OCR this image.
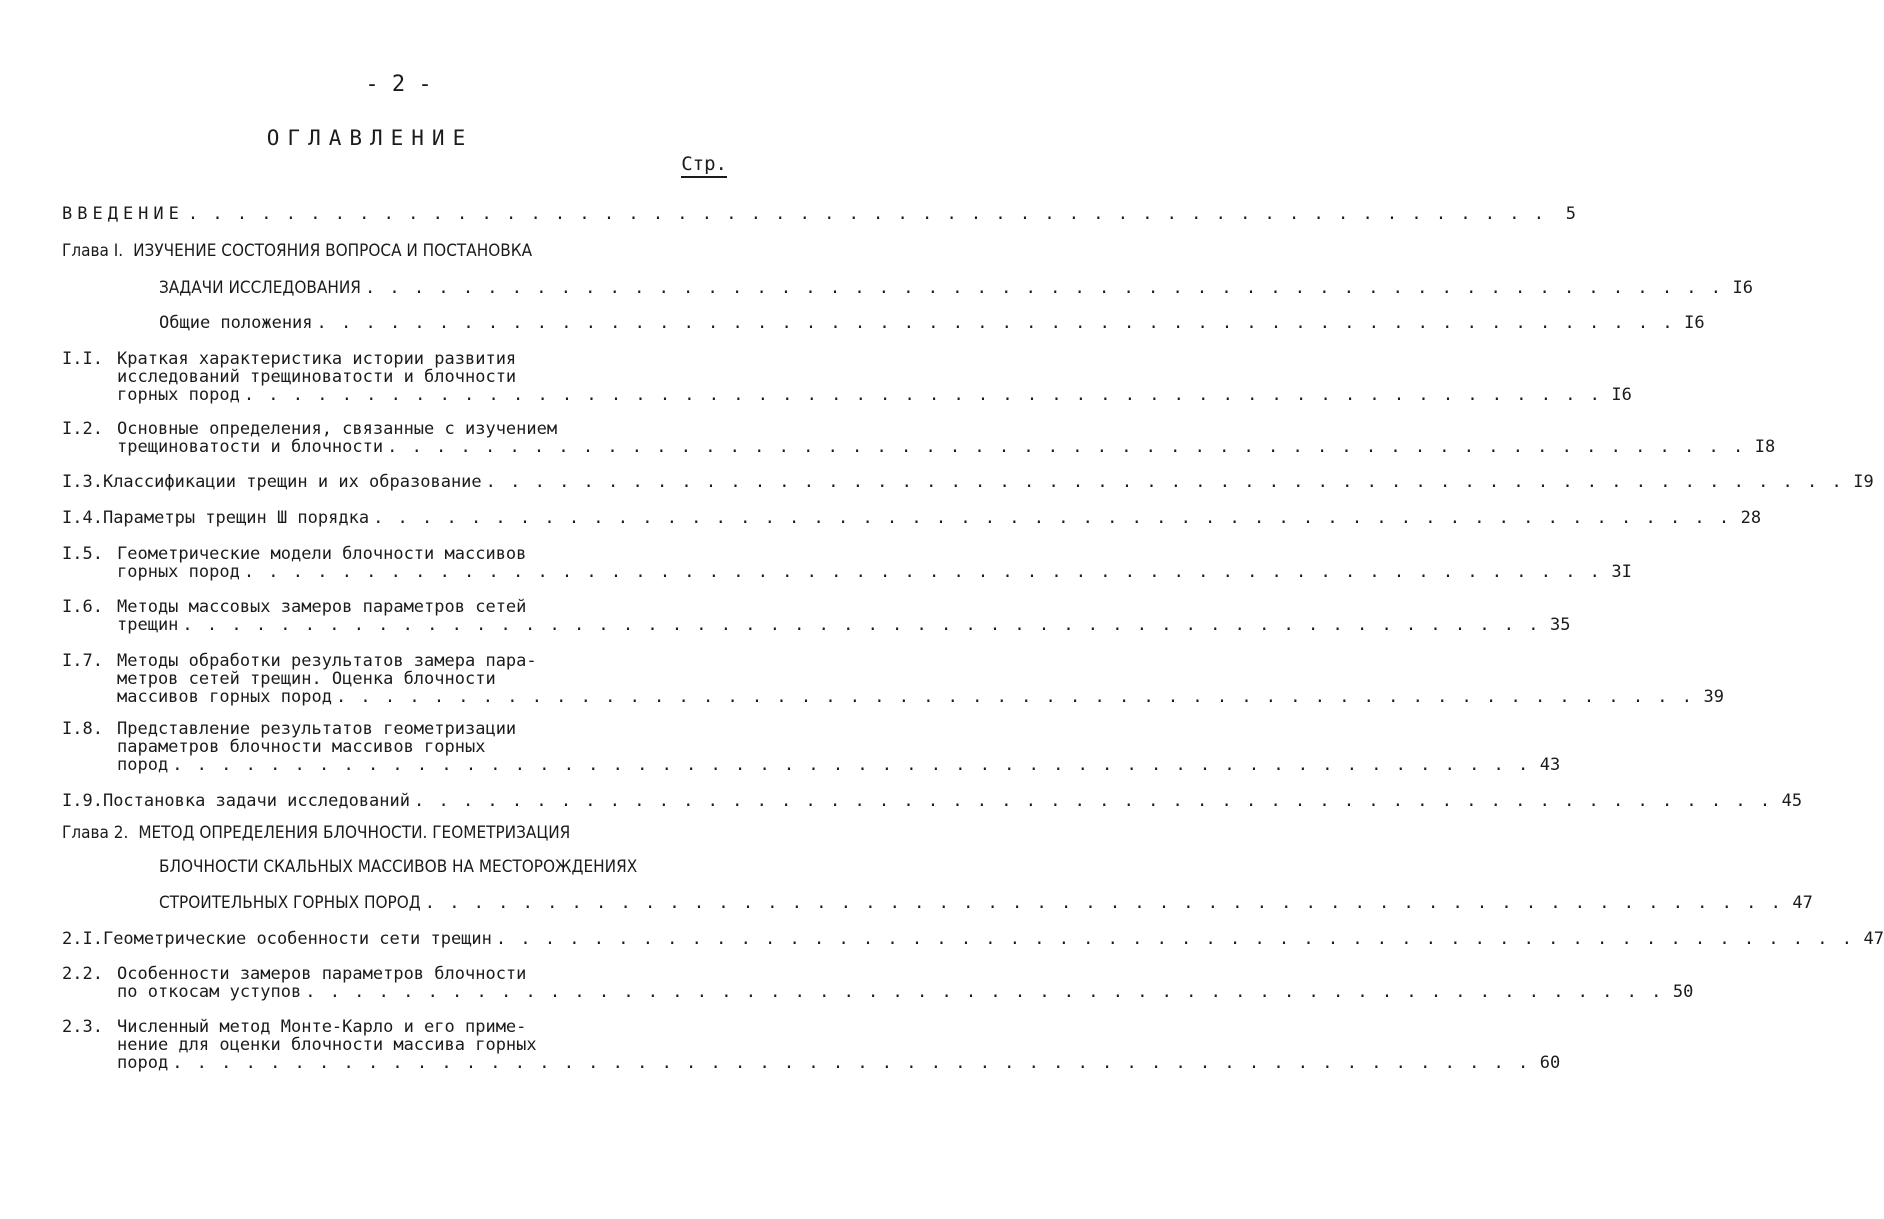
- 2 -
ОГЛАВЛЕНИЕ
Стр.
ВВЕДЕНИЕ . . . . . . . . . . . . . . . . . . . . . . . . . . . . . . . . . . . . . . . . . . . . . . . . . . . . . . . .	5
Глава I. ИЗУЧЕНИЕ СОСТОЯНИЯ ВОПРОСА И ПОСТАНОВКА
ЗАДАЧИ ИССЛЕДОВАНИЯ . . . . . . . . . . . . . . . . . . . . . . . . . . . . . . . . . . . . . . . . . . . . . . . . . . . . . . . . I6
Общие положения . . . . . . . . . . . . . . . . . . . . . . . . . . . . . . . . . . . . . . . . . . . . . . . . . . . . . . . . I6
I.I. Краткая характеристика истории развития
исследований трещиноватости и блочности
горных пород . . . . . . . . . . . . . . . . . . . . . . . . . . . . . . . . . . . . . . . . . . . . . . . . . . . . . . . . I6
I.2. Основные определения, связанные с изучением
трещиноватости и блочности . . . . . . . . . . . . . . . . . . . . . . . . . . . . . . . . . . . . . . . . . . . . . . . . . . . . . . . . I8
I.3. Классификации трещин и их образование . . . . . . . . . . . . . . . . . . . . . . . . . . . . . . . . . . . . . . . . . . . . . . . . . . . . . . . . I9
I.4. Параметры трещин Ш порядка . . . . . . . . . . . . . . . . . . . . . . . . . . . . . . . . . . . . . . . . . . . . . . . . . . . . . . . . 28
I.5. Геометрические модели блочности массивов
горных пород . . . . . . . . . . . . . . . . . . . . . . . . . . . . . . . . . . . . . . . . . . . . . . . . . . . . . . . . 3I
I.6. Методы массовых замеров параметров сетей
трещин . . . . . . . . . . . . . . . . . . . . . . . . . . . . . . . . . . . . . . . . . . . . . . . . . . . . . . . . 35
I.7. Методы обработки результатов замера пара-
метров сетей трещин. Оценка блочности
массивов горных пород . . . . . . . . . . . . . . . . . . . . . . . . . . . . . . . . . . . . . . . . . . . . . . . . . . . . . . . . 39
I.8. Представление результатов геометризации
параметров блочности массивов горных
пород . . . . . . . . . . . . . . . . . . . . . . . . . . . . . . . . . . . . . . . . . . . . . . . . . . . . . . . . 43
I.9. Постановка задачи исследований . . . . . . . . . . . . . . . . . . . . . . . . . . . . . . . . . . . . . . . . . . . . . . . . . . . . . . . . 45
Глава 2. МЕТОД ОПРЕДЕЛЕНИЯ БЛОЧНОСТИ. ГЕОМЕТРИЗАЦИЯ
БЛОЧНОСТИ СКАЛЬНЫХ МАССИВОВ НА МЕСТОРОЖДЕНИЯХ
СТРОИТЕЛЬНЫХ ГОРНЫХ ПОРОД . . . . . . . . . . . . . . . . . . . . . . . . . . . . . . . . . . . . . . . . . . . . . . . . . . . . . . . . 47
2.I. Геометрические особенности сети трещин . . . . . . . . . . . . . . . . . . . . . . . . . . . . . . . . . . . . . . . . . . . . . . . . . . . . . . . . 47
2.2. Особенности замеров параметров блочности
по откосам уступов . . . . . . . . . . . . . . . . . . . . . . . . . . . . . . . . . . . . . . . . . . . . . . . . . . . . . . . . 50
2.3. Численный метод Монте-Карло и его приме-
нение для оценки блочности массива горных
пород . . . . . . . . . . . . . . . . . . . . . . . . . . . . . . . . . . . . . . . . . . . . . . . . . . . . . . . . 60
